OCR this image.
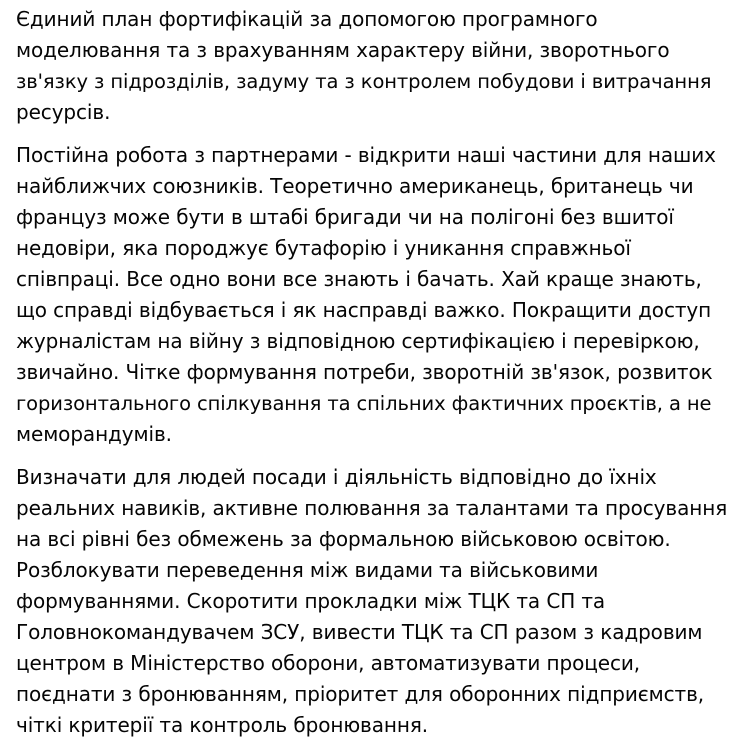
Єдиний план фортифікацій за допомогою програмного
моделювання та з врахуванням характеру війни, зворотнього
зв'язку з підрозділів, задуму та з контролем побудови і витрачання
ресурсів.

Постійна робота з партнерами - відкрити наші частини для наших
найближчих союзників. Теоретично американець, британець чи
француз може бути в штабі бригади чи на полігоні без вшитої
недовіри, яка породжує бутафорію і уникання справжньої
співпраці. Все одно вони все знають і бачать. Хай краще знають,
що справді відбувається і як насправді важко. Покращити доступ
журналістам на війну з відповідною сертифікацією і перевіркою,
звичайно. Чітке формування потреби, зворотній зв'язок, розвиток
горизонтального спілкування та спільних фактичних проєктів, а не
меморандумів.

Визначати для людей посади і діяльність відповідно до їхніх
реальних навиків, активне полювання за талантами та просування
на всі рівні без обмежень за формальною військовою освітою.
Розблокувати переведення між видами та військовими
формуваннями. Скоротити прокладки між ТЦК та СП та
Головнокомандувачем ЗСУ, вивести ТЦК та СП разом з кадровим
центром в Міністерство оборони, автоматизувати процеси,
поєднати з бронюванням, пріоритет для оборонних підприємств,
чіткі критерії та контроль бронювання.
